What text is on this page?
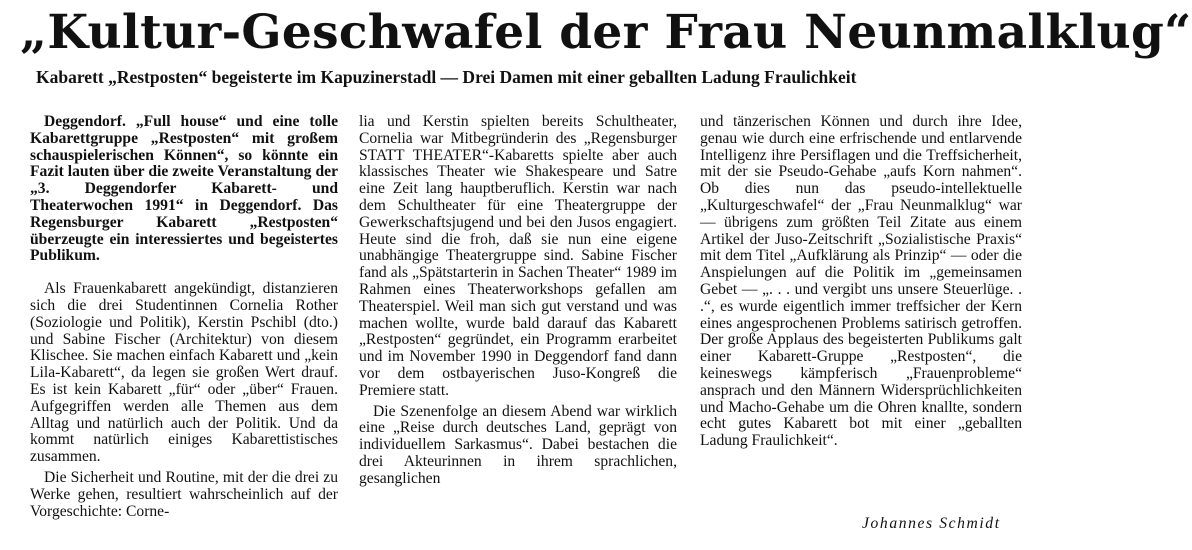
„Kultur-Geschwafel der Frau Neunmalklug“
Kabarett „Restposten“ begeisterte im Kapuzinerstadl — Drei Damen mit einer geballten Ladung Fraulichkeit

Deggendorf. „Full house“ und eine tolle Kabarettgruppe „Restposten“ mit großem schauspielerischen Können“, so könnte ein Fazit lauten über die zweite Veranstaltung der „3. Deggendorfer Kabarett- und Theaterwochen 1991“ in Deggendorf. Das Regensburger Kabarett „Restposten“ überzeugte ein interessiertes und begeistertes Publikum.

Als Frauenkabarett angekündigt, distanzieren sich die drei Studentinnen Cornelia Rother (Soziologie und Politik), Kerstin Pschibl (dto.) und Sabine Fischer (Architektur) von diesem Klischee. Sie machen einfach Kabarett und „kein Lila-Kabarett“, da legen sie großen Wert drauf. Es ist kein Kabarett „für“ oder „über“ Frauen. Aufgegriffen werden alle Themen aus dem Alltag und natürlich auch der Politik. Und da kommt natürlich einiges Kabarettistisches zusammen.

Die Sicherheit und Routine, mit der die drei zu Werke gehen, resultiert wahrscheinlich auf der Vorgeschichte: Corne-

lia und Kerstin spielten bereits Schultheater, Cornelia war Mitbegründerin des „Regensburger STATT THEATER“-Kabaretts spielte aber auch klassisches Theater wie Shakespeare und Satre eine Zeit lang hauptberuflich. Kerstin war nach dem Schultheater für eine Theatergruppe der Gewerkschaftsjugend und bei den Jusos engagiert. Heute sind die froh, daß sie nun eine eigene unabhängige Theatergruppe sind. Sabine Fischer fand als „Spätstarterin in Sachen Theater“ 1989 im Rahmen eines Theaterworkshops gefallen am Theaterspiel. Weil man sich gut verstand und was machen wollte, wurde bald darauf das Kabarett „Restposten“ gegründet, ein Programm erarbeitet und im November 1990 in Deggendorf fand dann vor dem ostbayerischen Juso-Kongreß die Premiere statt.

Die Szenenfolge an diesem Abend war wirklich eine „Reise durch deutsches Land, geprägt von individuellem Sarkasmus“. Dabei bestachen die drei Akteurinnen in ihrem sprachlichen, gesanglichen

und tänzerischen Können und durch ihre Idee, genau wie durch eine erfrischende und entlarvende Intelligenz ihre Persiflagen und die Treffsicherheit, mit der sie Pseudo-Gehabe „aufs Korn nahmen“. Ob dies nun das pseudo-intellektuelle „Kulturgeschwafel“ der „Frau Neunmalklug“ war — übrigens zum größten Teil Zitate aus einem Artikel der Juso-Zeitschrift „Sozialistische Praxis“ mit dem Titel „Aufklärung als Prinzip“ — oder die Anspielungen auf die Politik im „gemeinsamen Gebet — „. . . und vergibt uns unsere Steuerlüge. . .“, es wurde eigentlich immer treffsicher der Kern eines angesprochenen Problems satirisch getroffen. Der große Applaus des begeisterten Publikums galt einer Kabarett-Gruppe „Restposten“, die keineswegs kämpferisch „Frauenprobleme“ ansprach und den Männern Widersprüchlichkeiten und Macho-Gehabe um die Ohren knallte, sondern echt gutes Kabarett bot mit einer „geballten Ladung Fraulichkeit“.

Johannes Schmidt
